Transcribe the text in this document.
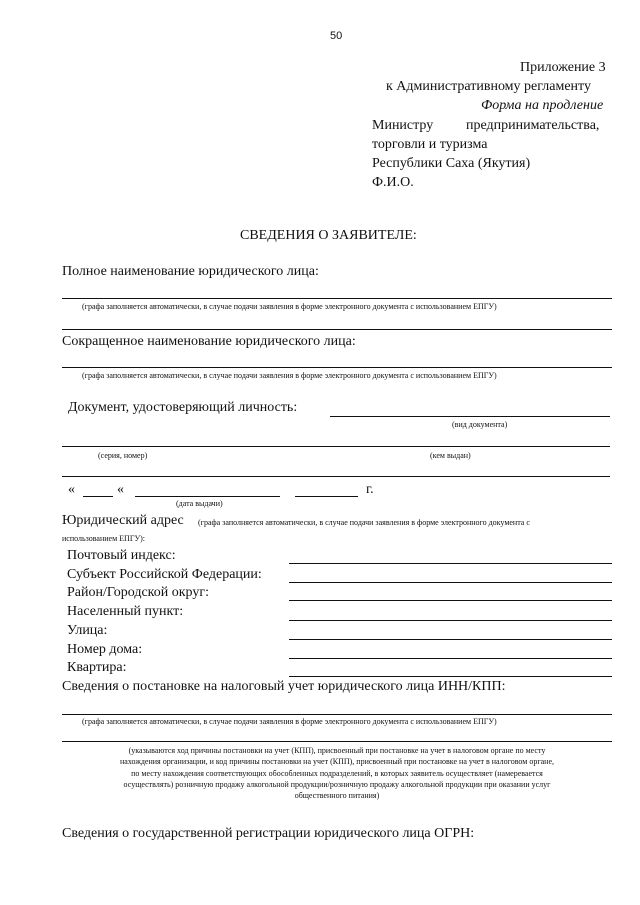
50
Приложение 3
к Административному регламенту
Форма на продление
Министру предпринимательства,
торговли и туризма
Республики Саха (Якутия)
Ф.И.О.
СВЕДЕНИЯ О ЗАЯВИТЕЛЕ:
Полное наименование юридического лица:
(графа заполняется автоматически, в случае подачи заявления в форме электронного документа с использованием ЕПГУ)
Сокращенное наименование юридического лица:
(графа заполняется автоматически, в случае подачи заявления в форме электронного документа с использованием ЕПГУ)
Документ, удостоверяющий личность:
(вид документа)
(серия, номер)	(кем выдан)
«	«	г.
(дата выдачи)
Юридический адрес (графа заполняется автоматически, в случае подачи заявления в форме электронного документа с
использованием ЕПГУ):
Почтовый индекс:
Субъект Российской Федерации:
Район/Городской округ:
Населенный пункт:
Улица:
Номер дома:
Квартира:
Сведения о постановке на налоговый учет юридического лица ИНН/КПП:
(графа заполняется автоматически, в случае подачи заявления в форме электронного документа с использованием ЕПГУ)
(указываются ход причины постановки на учет (КПП), присвоенный при постановке на учет в налоговом органе по месту
нахождения организации, и код причины постановки на учет (КПП), присвоенный при постановке на учет в налоговом органе,
по месту нахождения соответствующих обособленных подразделений, в которых заявитель осуществляет (намеревается
осуществлять) розничную продажу алкогольной продукции/розничную продажу алкогольной продукции при оказании услуг
общественного питания)
Сведения о государственной регистрации юридического лица ОГРН:
